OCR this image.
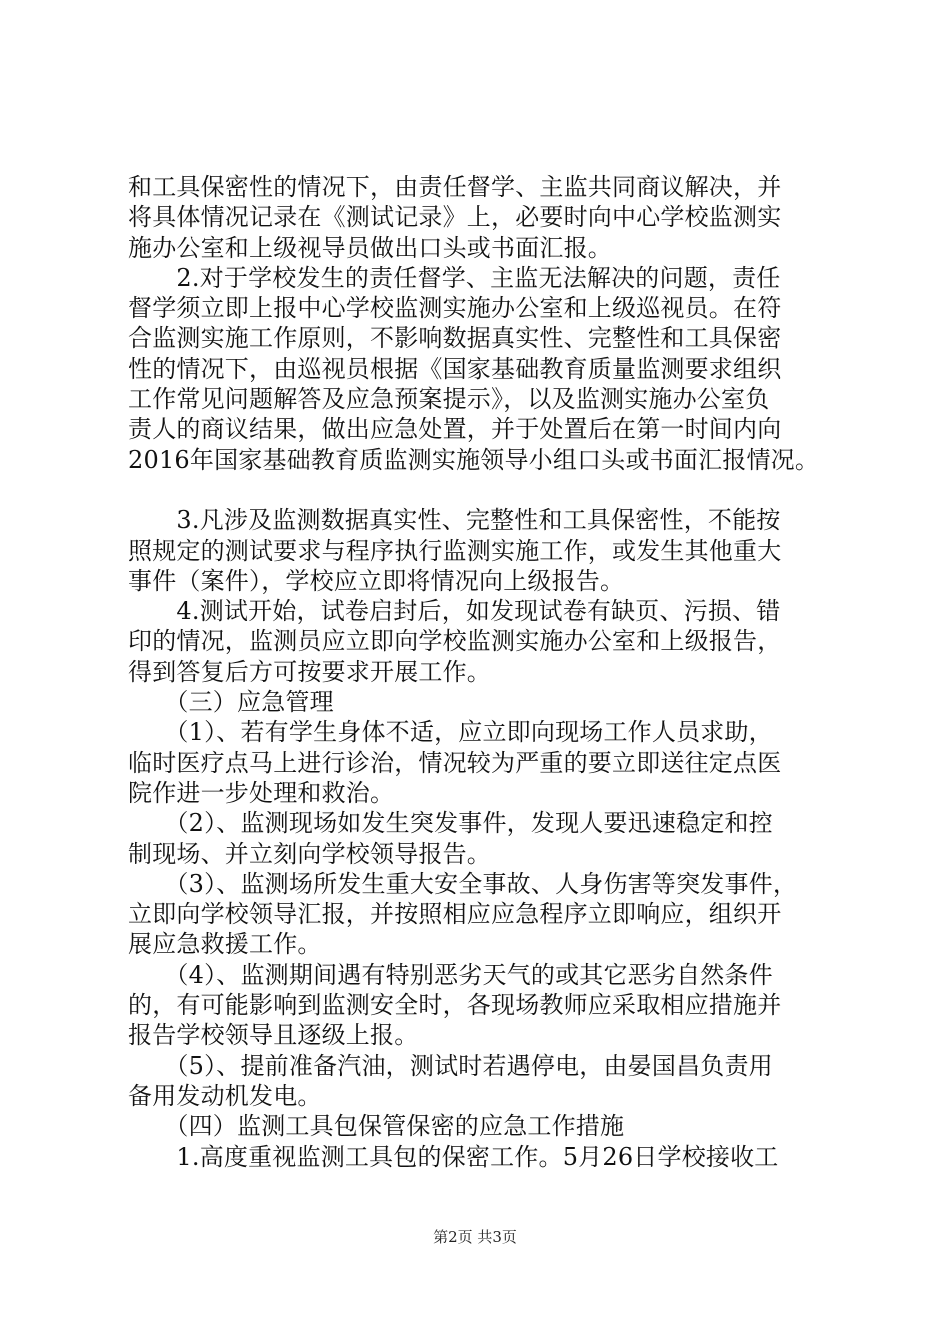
和工具保密性的情况下，由责任督学、主监共同商议解决，并
将具体情况记录在《测试记录》上，必要时向中心学校监测实
施办公室和上级视导员做出口头或书面汇报。
　　2.对于学校发生的责任督学、主监无法解决的问题，责任
督学须立即上报中心学校监测实施办公室和上级巡视员。在符
合监测实施工作原则，不影响数据真实性、完整性和工具保密
性的情况下，由巡视员根据《国家基础教育质量监测要求组织
工作常见问题解答及应急预案提示》，以及监测实施办公室负
责人的商议结果，做出应急处置，并于处置后在第一时间内向
2016年国家基础教育质监测实施领导小组口头或书面汇报情况。
　　3.凡涉及监测数据真实性、完整性和工具保密性，不能按
照规定的测试要求与程序执行监测实施工作，或发生其他重大
事件（案件），学校应立即将情况向上级报告。
　　4.测试开始，试卷启封后，如发现试卷有缺页、污损、错
印的情况，监测员应立即向学校监测实施办公室和上级报告，
得到答复后方可按要求开展工作。
　　（三）应急管理
　　（1）、若有学生身体不适，应立即向现场工作人员求助，
临时医疗点马上进行诊治，情况较为严重的要立即送往定点医
院作进一步处理和救治。
　　（2）、监测现场如发生突发事件，发现人要迅速稳定和控
制现场、并立刻向学校领导报告。
　　（3）、监测场所发生重大安全事故、人身伤害等突发事件，
立即向学校领导汇报，并按照相应应急程序立即响应，组织开
展应急救援工作。
　　（4）、监测期间遇有特别恶劣天气的或其它恶劣自然条件
的，有可能影响到监测安全时，各现场教师应采取相应措施并
报告学校领导且逐级上报。
　　（5）、提前准备汽油，测试时若遇停电，由晏国昌负责用
备用发动机发电。
　　（四）监测工具包保管保密的应急工作措施
　　1.高度重视监测工具包的保密工作。5月26日学校接收工
第2页 共3页
